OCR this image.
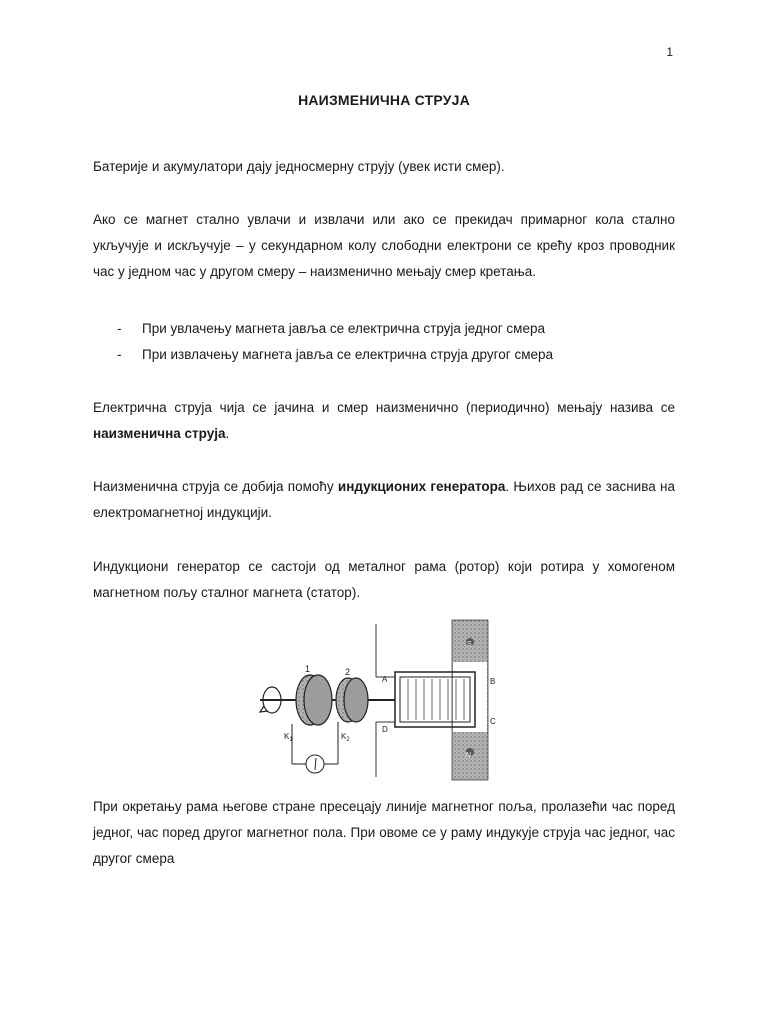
1
НАИЗМЕНИЧНА СТРУЈА

Батерије и акумулатори дају једносмерну струју (увек исти смер).

Ако се магнет стално увлачи и извлачи или ако се прекидач примарног кола стално укључује и искључује – у секундарном колу слободни електрони се крећу кроз проводник час у једном час у другом смеру – наизменично мењају смер кретања.

-	При увлачењу магнета јавља се електрична струја једног смера
-	При извлачењу магнета јавља се електрична струја другог смера

Електрична струја чија се јачина и смер наизменично (периодично) мењају назива се наизменична струја.

Наизменична струја се добија помоћу индукционих генератора. Њихов рад се заснива на електромагнетној индукцији.

Индукциони генератор се састоји од металног рама (ротор) који ротира у хомогеном магнетном пољу сталног магнета (статор).

1	2
A	B
C
D
$K_1$	$K_2$
N
S

При окретању рама његове стране пресецају линије магнетног поља, пролазећи час поред једног, час поред другог магнетног пола. При овоме се у раму индукује струја час једног, час другог смера
